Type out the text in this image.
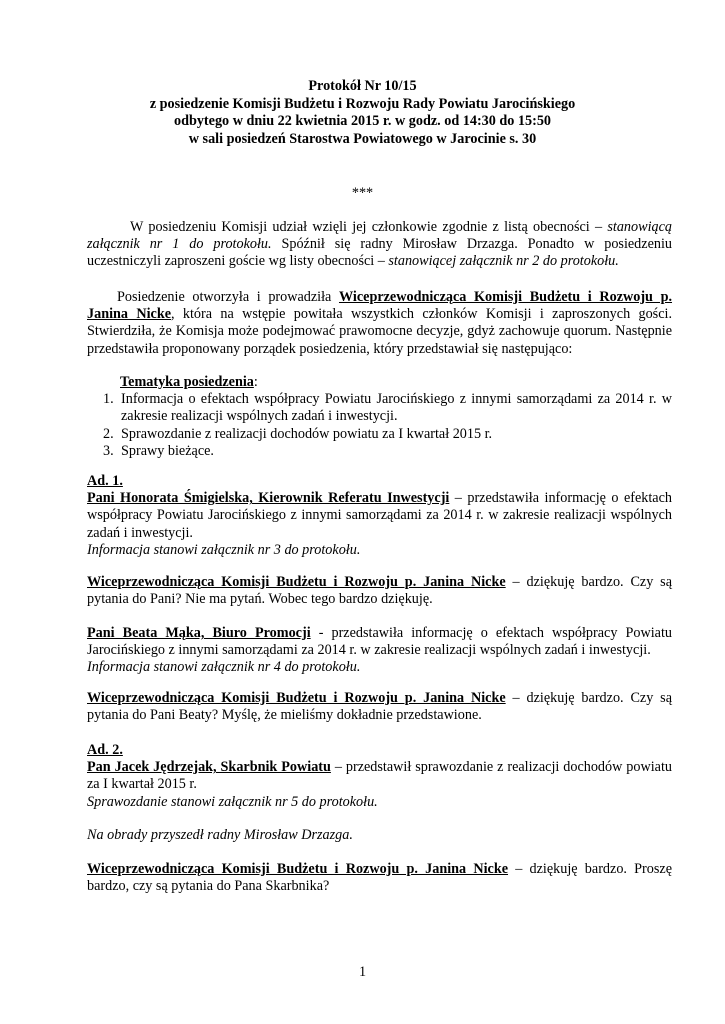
Protokół Nr 10/15
z posiedzenie Komisji Budżetu i Rozwoju Rady Powiatu Jarocińskiego
odbytego w dniu 22 kwietnia 2015 r. w godz. od 14:30 do 15:50
w sali posiedzeń Starostwa Powiatowego w Jarocinie s. 30
***
W posiedzeniu Komisji udział wzięli jej członkowie zgodnie z listą obecności – stanowiącą załącznik nr 1 do protokołu. Spóźnił się radny Mirosław Drzazga. Ponadto w posiedzeniu uczestniczyli zaproszeni goście wg listy obecności – stanowiącej załącznik nr 2 do protokołu.
Posiedzenie otworzyła i prowadziła Wiceprzewodnicząca Komisji Budżetu i Rozwoju p. Janina Nicke, która na wstępie powitała wszystkich członków Komisji i zaproszonych gości. Stwierdziła, że Komisja może podejmować prawomocne decyzje, gdyż zachowuje quorum. Następnie przedstawiła proponowany porządek posiedzenia, który przedstawiał się następująco:
Tematyka posiedzenia:
1. Informacja o efektach współpracy Powiatu Jarocińskiego z innymi samorządami za 2014 r. w zakresie realizacji wspólnych zadań i inwestycji.
2. Sprawozdanie z realizacji dochodów powiatu za I kwartał 2015 r.
3. Sprawy bieżące.
Ad. 1.
Pani Honorata Śmigielska, Kierownik Referatu Inwestycji – przedstawiła informację o efektach współpracy Powiatu Jarocińskiego z innymi samorządami za 2014 r. w zakresie realizacji wspólnych zadań i inwestycji.
Informacja stanowi załącznik nr 3 do protokołu.
Wiceprzewodnicząca Komisji Budżetu i Rozwoju p. Janina Nicke – dziękuję bardzo. Czy są pytania do Pani? Nie ma pytań. Wobec tego bardzo dziękuję.
Pani Beata Mąka, Biuro Promocji - przedstawiła informację o efektach współpracy Powiatu Jarocińskiego z innymi samorządami za 2014 r. w zakresie realizacji wspólnych zadań i inwestycji.
Informacja stanowi załącznik nr 4 do protokołu.
Wiceprzewodnicząca Komisji Budżetu i Rozwoju p. Janina Nicke – dziękuję bardzo. Czy są pytania do Pani Beaty? Myślę, że mieliśmy dokładnie przedstawione.
Ad. 2.
Pan Jacek Jędrzejak, Skarbnik Powiatu – przedstawił sprawozdanie z realizacji dochodów powiatu za I kwartał 2015 r.
Sprawozdanie stanowi załącznik nr 5 do protokołu.
Na obrady przyszedł radny Mirosław Drzazga.
Wiceprzewodnicząca Komisji Budżetu i Rozwoju p. Janina Nicke – dziękuję bardzo. Proszę bardzo, czy są pytania do Pana Skarbnika?
1
